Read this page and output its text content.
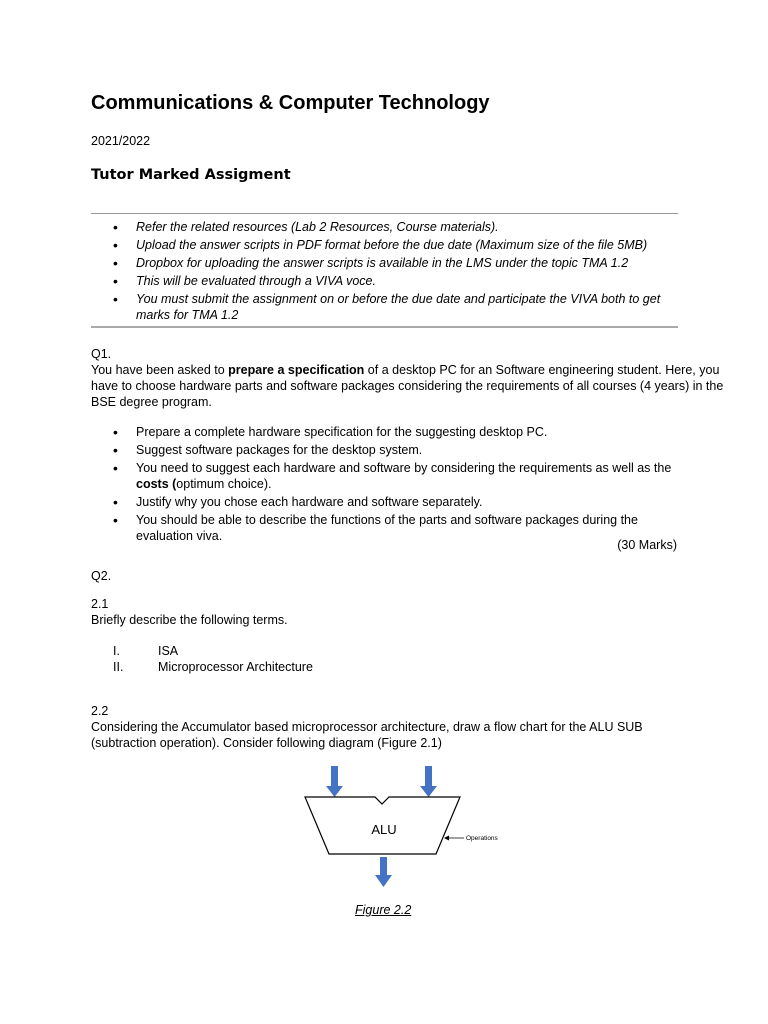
Communications & Computer Technology
2021/2022
Tutor Marked Assigment
• Refer the related resources (Lab 2 Resources, Course materials).
• Upload the answer scripts in PDF format before the due date (Maximum size of the file 5MB)
• Dropbox for uploading the answer scripts is available in the LMS under the topic TMA 1.2
• This will be evaluated through a VIVA voce.
• You must submit the assignment on or before the due date and participate the VIVA both to get marks for TMA 1.2
Q1.
You have been asked to prepare a specification of a desktop PC for an Software engineering student. Here, you have to choose hardware parts and software packages considering the requirements of all courses (4 years) in the BSE degree program.
• Prepare a complete hardware specification for the suggesting desktop PC.
• Suggest software packages for the desktop system.
• You need to suggest each hardware and software by considering the requirements as well as the costs (optimum choice).
• Justify why you chose each hardware and software separately.
• You should be able to describe the functions of the parts and software packages during the evaluation viva.
(30 Marks)
Q2.
2.1
Briefly describe the following terms.
I.	ISA
II.	Microprocessor Architecture
2.2
Considering the Accumulator based microprocessor architecture, draw a flow chart for the ALU SUB (subtraction operation). Consider following diagram (Figure 2.1)
ALU
Operations
Figure 2.2
